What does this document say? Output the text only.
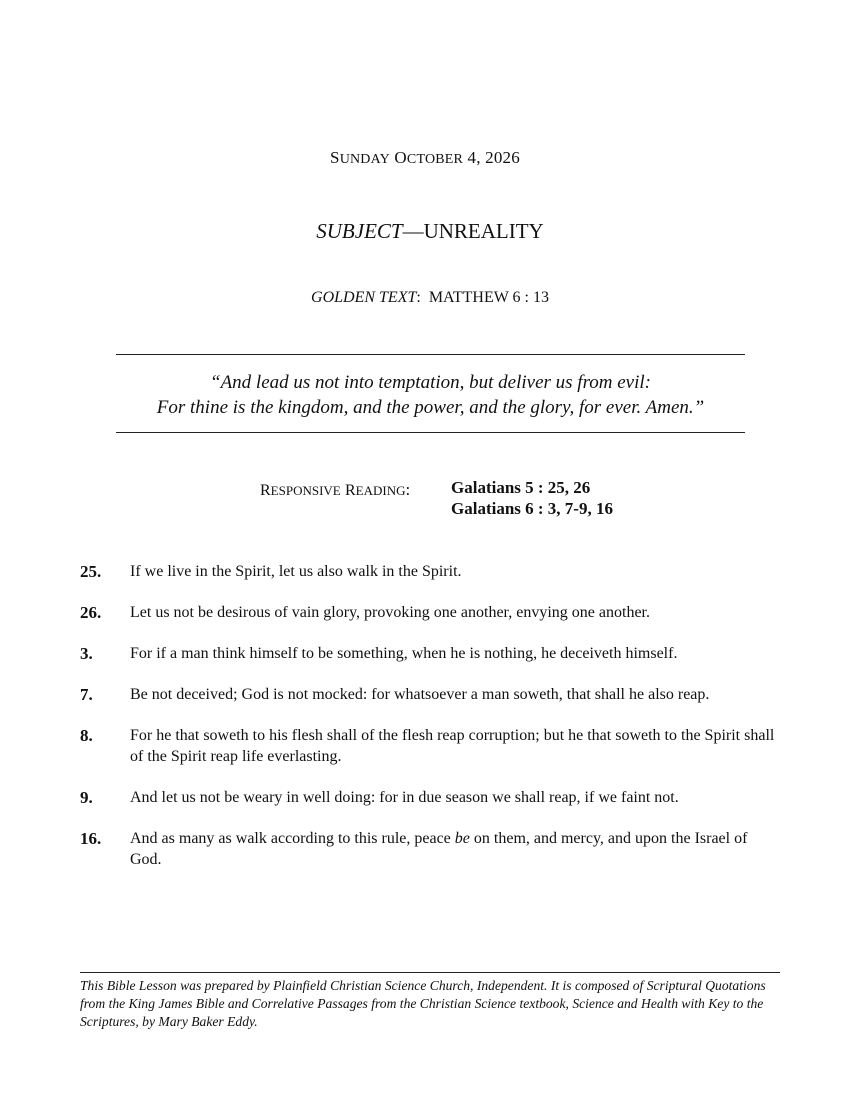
SUNDAY OCTOBER 4, 2026
SUBJECT—UNREALITY
GOLDEN TEXT:  MATTHEW 6 : 13
“And lead us not into temptation, but deliver us from evil:
For thine is the kingdom, and the power, and the glory, for ever. Amen.”
RESPONSIVE READING: Galatians 5 : 25, 26
Galatians 6 : 3, 7-9, 16
25. If we live in the Spirit, let us also walk in the Spirit.
26. Let us not be desirous of vain glory, provoking one another, envying one another.
3. For if a man think himself to be something, when he is nothing, he deceiveth himself.
7. Be not deceived; God is not mocked: for whatsoever a man soweth, that shall he also reap.
8. For he that soweth to his flesh shall of the flesh reap corruption; but he that soweth to the Spirit shall of the Spirit reap life everlasting.
9. And let us not be weary in well doing: for in due season we shall reap, if we faint not.
16. And as many as walk according to this rule, peace be on them, and mercy, and upon the Israel of God.
This Bible Lesson was prepared by Plainfield Christian Science Church, Independent. It is composed of Scriptural Quotations from the King James Bible and Correlative Passages from the Christian Science textbook, Science and Health with Key to the Scriptures, by Mary Baker Eddy.
